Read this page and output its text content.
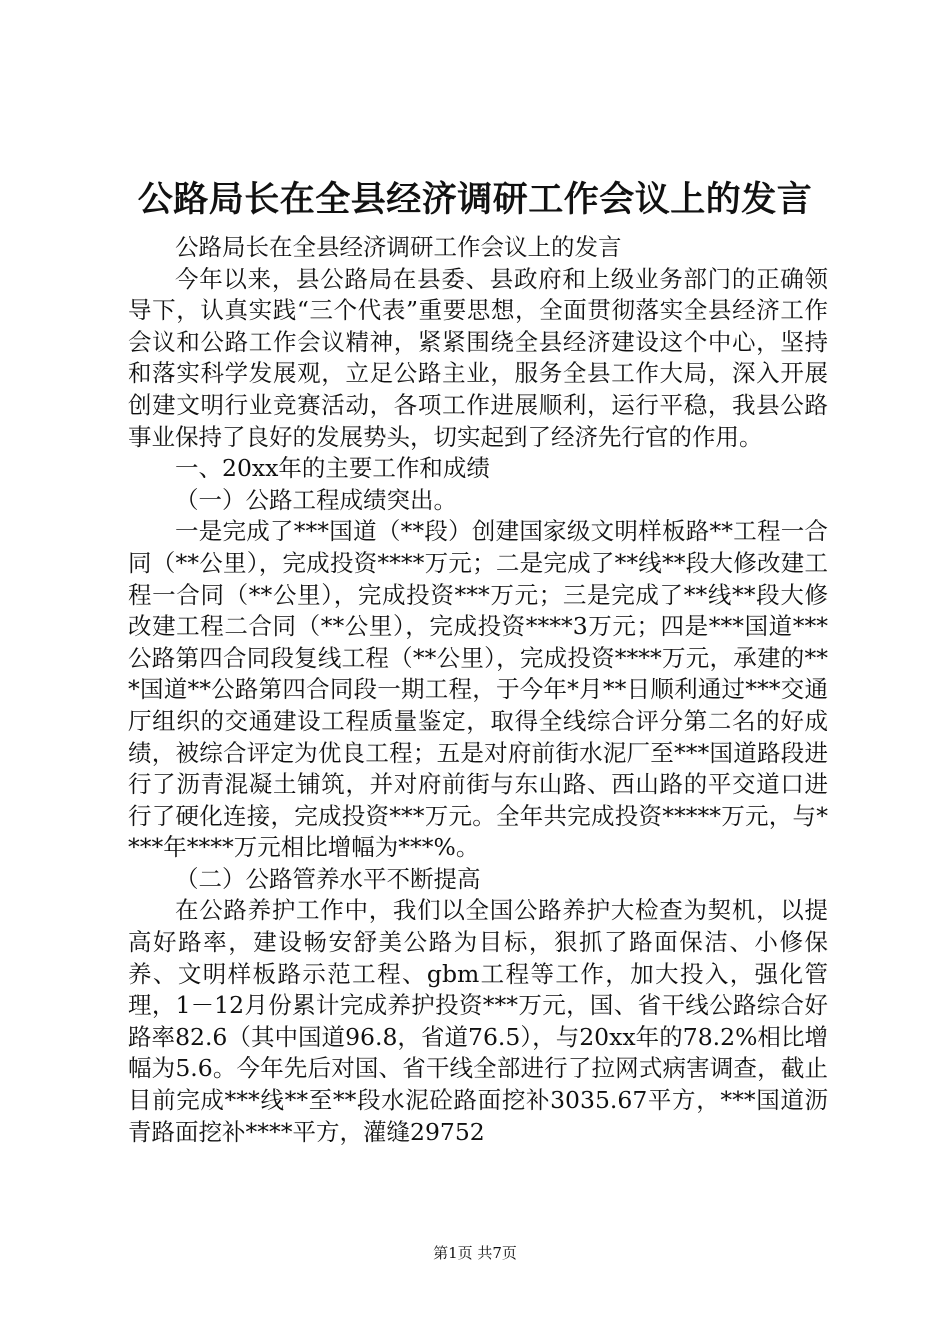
公路局长在全县经济调研工作会议上的发言

公路局长在全县经济调研工作会议上的发言

今年以来，县公路局在县委、县政府和上级业务部门的正确领导下，认真实践“三个代表”重要思想，全面贯彻落实全县经济工作会议和公路工作会议精神，紧紧围绕全县经济建设这个中心，坚持和落实科学发展观，立足公路主业，服务全县工作大局，深入开展创建文明行业竞赛活动，各项工作进展顺利，运行平稳，我县公路事业保持了良好的发展势头，切实起到了经济先行官的作用。

一、20xx年的主要工作和成绩

（一）公路工程成绩突出。

一是完成了***国道（**段）创建国家级文明样板路**工程一合同（**公里），完成投资****万元；二是完成了**线**段大修改建工程一合同（**公里），完成投资***万元；三是完成了**线**段大修改建工程二合同（**公里），完成投资****3万元；四是***国道***公路第四合同段复线工程（**公里），完成投资****万元，承建的***国道**公路第四合同段一期工程，于今年*月**日顺利通过***交通厅组织的交通建设工程质量鉴定，取得全线综合评分第二名的好成绩，被综合评定为优良工程；五是对府前街水泥厂至***国道路段进行了沥青混凝土铺筑，并对府前街与东山路、西山路的平交道口进行了硬化连接，完成投资***万元。全年共完成投资*****万元，与****年****万元相比增幅为***%。

（二）公路管养水平不断提高

在公路养护工作中，我们以全国公路养护大检查为契机，以提高好路率，建设畅安舒美公路为目标，狠抓了路面保洁、小修保养、文明样板路示范工程、gbm工程等工作，加大投入，强化管理，1－12月份累计完成养护投资***万元，国、省干线公路综合好路率82.6（其中国道96.8，省道76.5），与20xx年的78.2%相比增幅为5.6。今年先后对国、省干线全部进行了拉网式病害调查，截止目前完成***线**至**段水泥砼路面挖补3035.67平方，***国道沥青路面挖补****平方，灌缝29752

第1页 共7页
